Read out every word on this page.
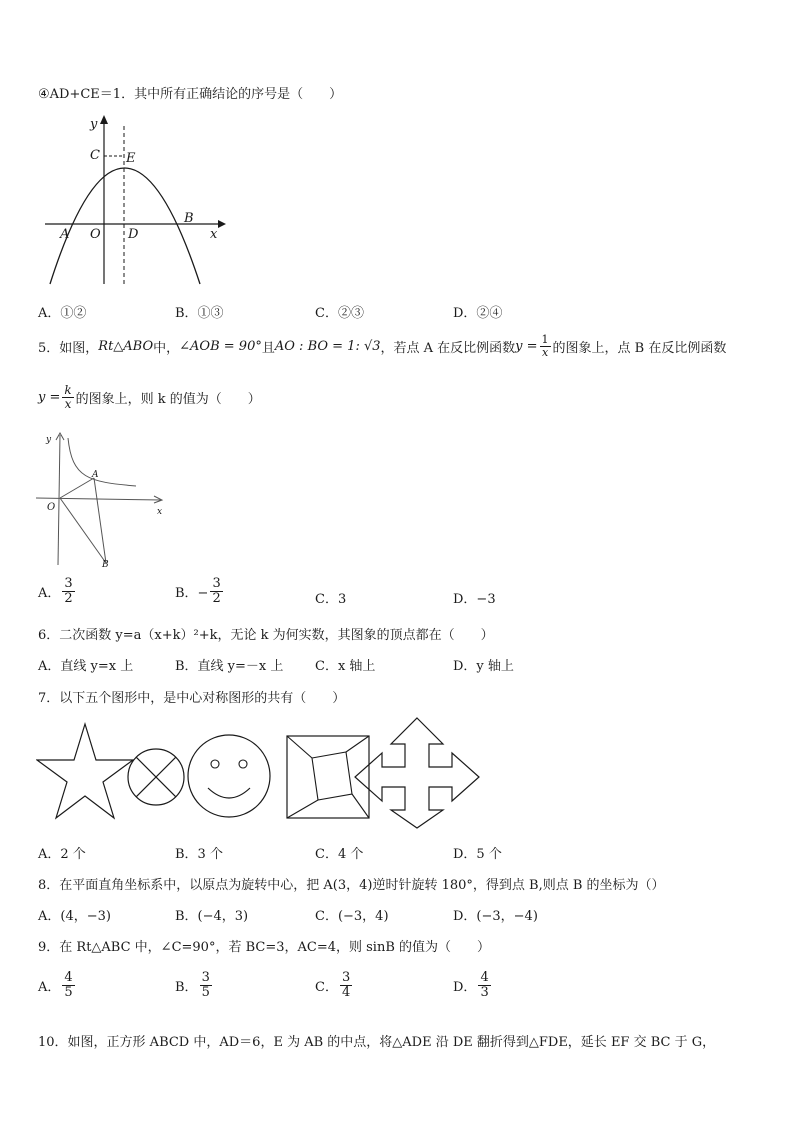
④AD+CE＝1．其中所有正确结论的序号是（　　）
y
C E
A O D
B
x
A．①②	B．①③	C．②③	D．②④
5．如图， Rt△ABO 中， ∠AOB = 90° 且 AO : BO = 1: √3 ，若点 A 在反比例函数 $y = \frac{1}{x}$ 的图象上，点 B 在反比例函数
$y = \frac{k}{x}$ 的图象上，则 k 的值为（　　）
y
O
A
B
x
A． $\frac{3}{2}$	B．− $\frac{3}{2}$	C．3	D．−3
6．二次函数 y=a（x+k）²+k，无论 k 为何实数，其图象的顶点都在（　　）
A．直线 y=x 上	B．直线 y=－x 上 C．x 轴上	D．y 轴上
7．以下五个图形中，是中心对称图形的共有（　　）
A．2 个	B．3 个	C．4 个	D．5 个
8．在平面直角坐标系中，以原点为旋转中心，把 A(3，4)逆时针旋转 180°，得到点 B,则点 B 的坐标为（）
A．(4，−3)	B．(−4，3)	C．(−3，4)	D．(−3，−4)
9．在 Rt△ABC 中，∠C=90°，若 BC=3，AC=4，则 sinB 的值为（　　）
A． $\frac{4}{5}$	B． $\frac{3}{5}$	C． $\frac{3}{4}$	D． $\frac{4}{3}$
10．如图，正方形 ABCD 中，AD＝6，E 为 AB 的中点，将△ADE 沿 DE 翻折得到△FDE，延长 EF 交 BC 于 G，
